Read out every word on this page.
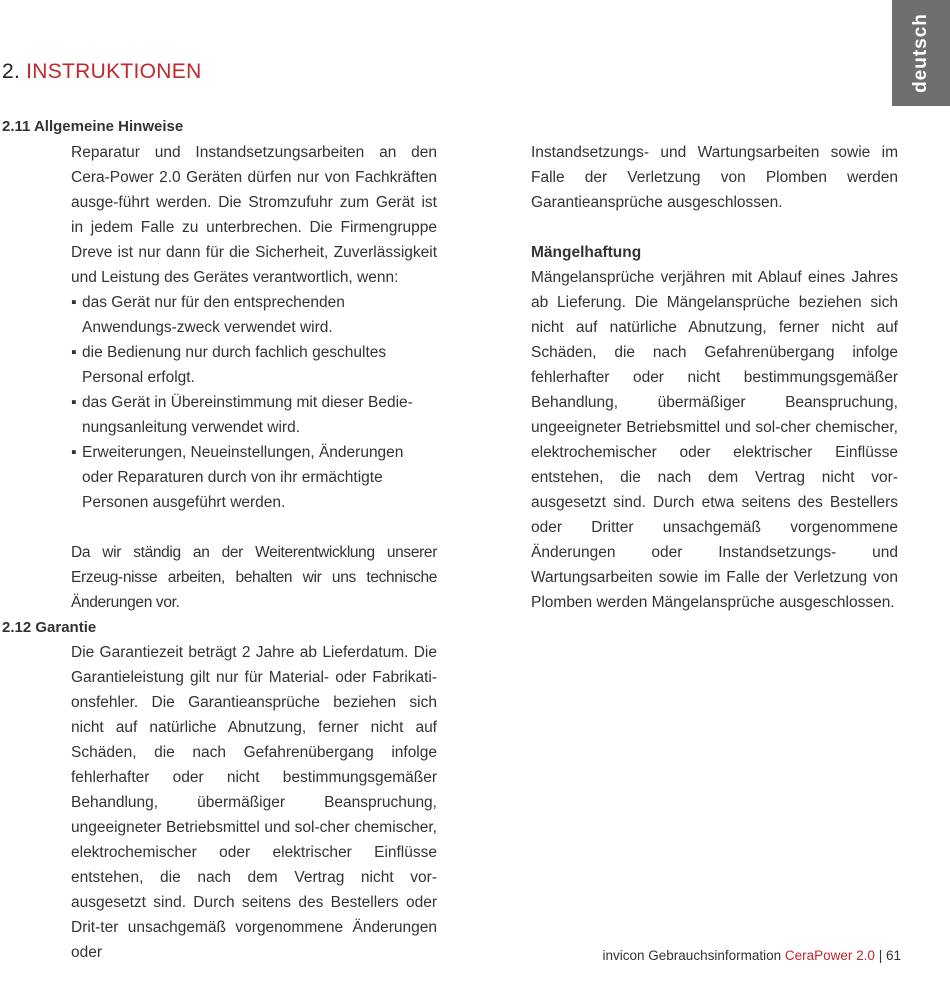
deutsch
2. INSTRUKTIONEN
2.11 Allgemeine Hinweise

Reparatur und Instandsetzungsarbeiten an den Cera-Power 2.0 Geräten dürfen nur von Fachkräften ausge-führt werden. Die Stromzufuhr zum Gerät ist in jedem Falle zu unterbrechen. Die Firmengruppe Dreve ist nur dann für die Sicherheit, Zuverlässigkeit und Leistung des Gerätes verantwortlich, wenn:

▪ das Gerät nur für den entsprechenden Anwendungs-zweck verwendet wird.
▪ die Bedienung nur durch fachlich geschultes Personal erfolgt.
▪ das Gerät in Übereinstimmung mit dieser Bedie-nungsanleitung verwendet wird.
▪ Erweiterungen, Neueinstellungen, Änderungen oder Reparaturen durch von ihr ermächtigte Personen ausgeführt werden.

Da wir ständig an der Weiterentwicklung unserer Erzeug-nisse arbeiten, behalten wir uns technische Änderungen vor.

2.12 Garantie

Die Garantiezeit beträgt 2 Jahre ab Lieferdatum. Die Garantieleistung gilt nur für Material- oder Fabrikati-onsfehler. Die Garantieansprüche beziehen sich nicht auf natürliche Abnutzung, ferner nicht auf Schäden, die nach Gefahrenübergang infolge fehlerhafter oder nicht bestimmungsgemäßer Behandlung, übermäßiger Beanspruchung, ungeeigneter Betriebsmittel und sol-cher chemischer, elektrochemischer oder elektrischer Einflüsse entstehen, die nach dem Vertrag nicht vor-ausgesetzt sind. Durch seitens des Bestellers oder Drit-ter unsachgemäß vorgenommene Änderungen oder

Instandsetzungs- und Wartungsarbeiten sowie im Falle der Verletzung von Plomben werden Garantieansprüche ausgeschlossen.

Mängelhaftung

Mängelansprüche verjähren mit Ablauf eines Jahres ab Lieferung. Die Mängelansprüche beziehen sich nicht auf natürliche Abnutzung, ferner nicht auf Schäden, die nach Gefahrenübergang infolge fehlerhafter oder nicht bestimmungsgemäßer Behandlung, übermäßiger Beanspruchung, ungeeigneter Betriebsmittel und sol-cher chemischer, elektrochemischer oder elektrischer Einflüsse entstehen, die nach dem Vertrag nicht vor-ausgesetzt sind. Durch etwa seitens des Bestellers oder Dritter unsachgemäß vorgenommene Änderungen oder Instandsetzungs- und Wartungsarbeiten sowie im Falle der Verletzung von Plomben werden Mängelansprüche ausgeschlossen.

invicon Gebrauchsinformation CeraPower 2.0 | 61
